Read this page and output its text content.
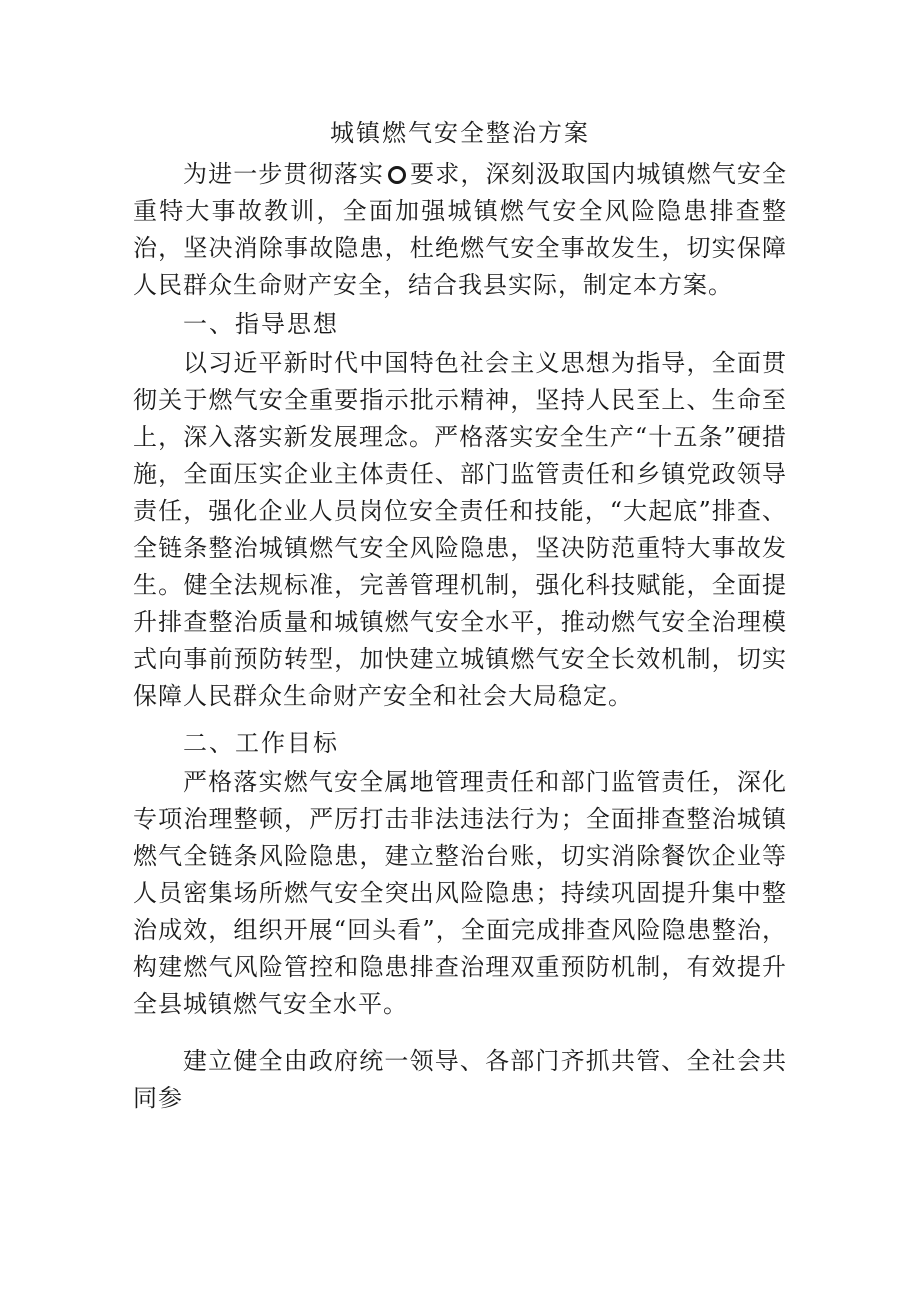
城镇燃气安全整治方案

为进一步贯彻落实 要求，深刻汲取国内城镇燃气安全重特大事故教训，全面加强城镇燃气安全风险隐患排查整治，坚决消除事故隐患，杜绝燃气安全事故发生，切实保障人民群众生命财产安全，结合我县实际，制定本方案。

一、指导思想

以习近平新时代中国特色社会主义思想为指导，全面贯彻关于燃气安全重要指示批示精神，坚持人民至上、生命至上，深入落实新发展理念。严格落实安全生产“十五条”硬措施，全面压实企业主体责任、部门监管责任和乡镇党政领导责任，强化企业人员岗位安全责任和技能，“大起底”排查、全链条整治城镇燃气安全风险隐患，坚决防范重特大事故发生。健全法规标准，完善管理机制，强化科技赋能，全面提升排查整治质量和城镇燃气安全水平，推动燃气安全治理模式向事前预防转型，加快建立城镇燃气安全长效机制，切实保障人民群众生命财产安全和社会大局稳定。

二、工作目标

严格落实燃气安全属地管理责任和部门监管责任，深化专项治理整顿，严厉打击非法违法行为；全面排查整治城镇燃气全链条风险隐患，建立整治台账，切实消除餐饮企业等人员密集场所燃气安全突出风险隐患；持续巩固提升集中整治成效，组织开展“回头看”，全面完成排查风险隐患整治，构建燃气风险管控和隐患排查治理双重预防机制，有效提升全县城镇燃气安全水平。

建立健全由政府统一领导、各部门齐抓共管、全社会共同参
